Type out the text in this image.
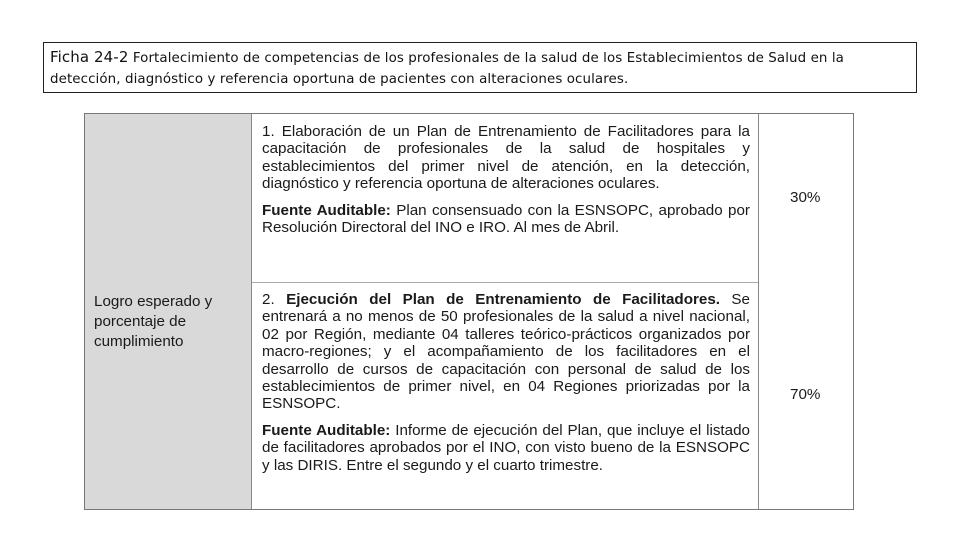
Ficha 24-2 Fortalecimiento de competencias de los profesionales de la salud de los Establecimientos de Salud en la detección, diagnóstico y referencia oportuna de pacientes con alteraciones oculares.
Logro esperado y porcentaje de cumplimiento

1. Elaboración de un Plan de Entrenamiento de Facilitadores para la capacitación de profesionales de la salud de hospitales y establecimientos del primer nivel de atención, en la detección, diagnóstico y referencia oportuna de alteraciones oculares.

Fuente Auditable: Plan consensuado con la ESNSOPC, aprobado por Resolución Directoral del INO e IRO. Al mes de Abril.

2. Ejecución del Plan de Entrenamiento de Facilitadores. Se entrenará a no menos de 50 profesionales de la salud a nivel nacional, 02 por Región, mediante 04 talleres teórico-prácticos organizados por macro-regiones; y el acompañamiento de los facilitadores en el desarrollo de cursos de capacitación con personal de salud de los establecimientos de primer nivel, en 04 Regiones priorizadas por la ESNSOPC.

Fuente Auditable: Informe de ejecución del Plan, que incluye el listado de facilitadores aprobados por el INO, con visto bueno de la ESNSOPC y las DIRIS. Entre el segundo y el cuarto trimestre.

30%
70%
